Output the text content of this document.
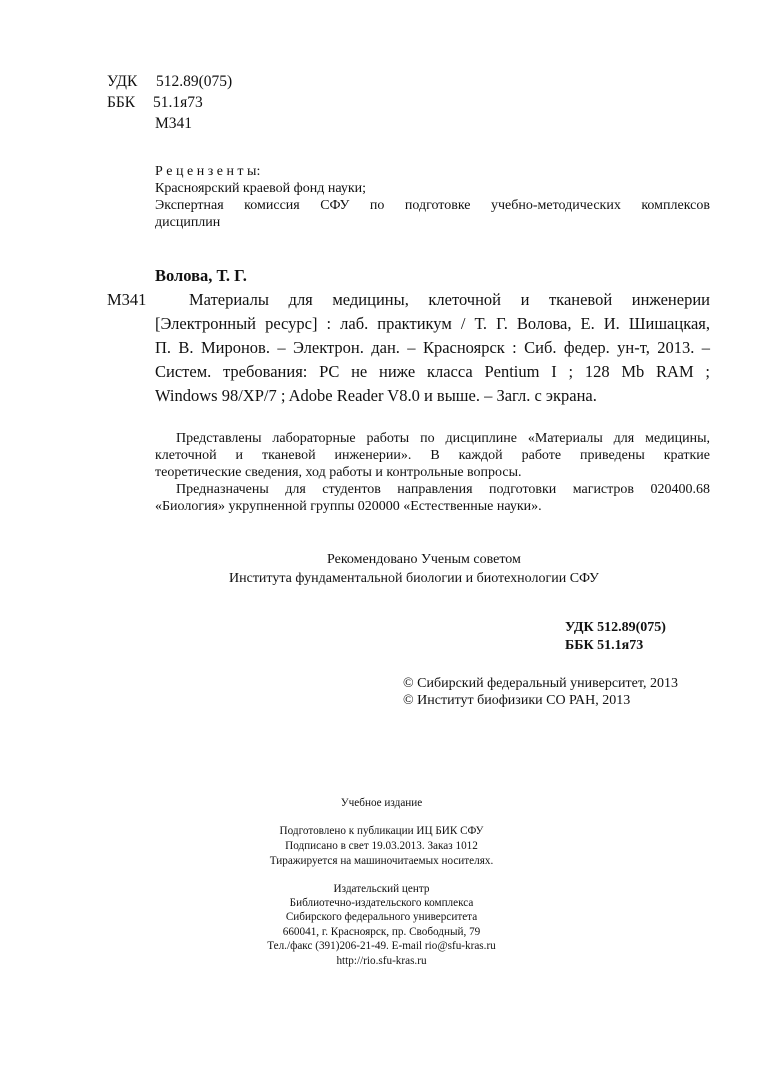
УДК 512.89(075)
ББК 51.1я73
М341
Р е ц е н з е н т ы:
Красноярский краевой фонд науки;
Экспертная комиссия СФУ по подготовке учебно-методических комплексов
дисциплин
Волова, Т. Г.
М341	Материалы для медицины, клеточной и тканевой инженерии
[Электронный ресурс] : лаб. практикум / Т. Г. Волова, Е. И. Шишацкая,
П. В. Миронов. – Электрон. дан. – Красноярск : Сиб. федер. ун-т, 2013. –
Систем. требования: PC не ниже класса Pentium I ; 128 Mb RAM ;
Windows 98/XP/7 ; Adobe Reader V8.0 и выше. – Загл. с экрана.
Представлены лабораторные работы по дисциплине «Материалы для медицины,
клеточной и тканевой инженерии». В каждой работе приведены краткие
теоретические сведения, ход работы и контрольные вопросы.
Предназначены для студентов направления подготовки магистров 020400.68
«Биология» укрупненной группы 020000 «Естественные науки».
Рекомендовано Ученым советом
Института фундаментальной биологии и биотехнологии СФУ
УДК 512.89(075)
ББК 51.1я73
© Сибирский федеральный университет, 2013
© Институт биофизики СО РАН, 2013
Учебное издание
Подготовлено к публикации ИЦ БИК СФУ
Подписано в свет 19.03.2013. Заказ 1012
Тиражируется на машиночитаемых носителях.
Издательский центр
Библиотечно-издательского комплекса
Сибирского федерального университета
660041, г. Красноярск, пр. Свободный, 79
Тел./факс (391)206-21-49. E-mail rio@sfu-kras.ru
http://rio.sfu-kras.ru
